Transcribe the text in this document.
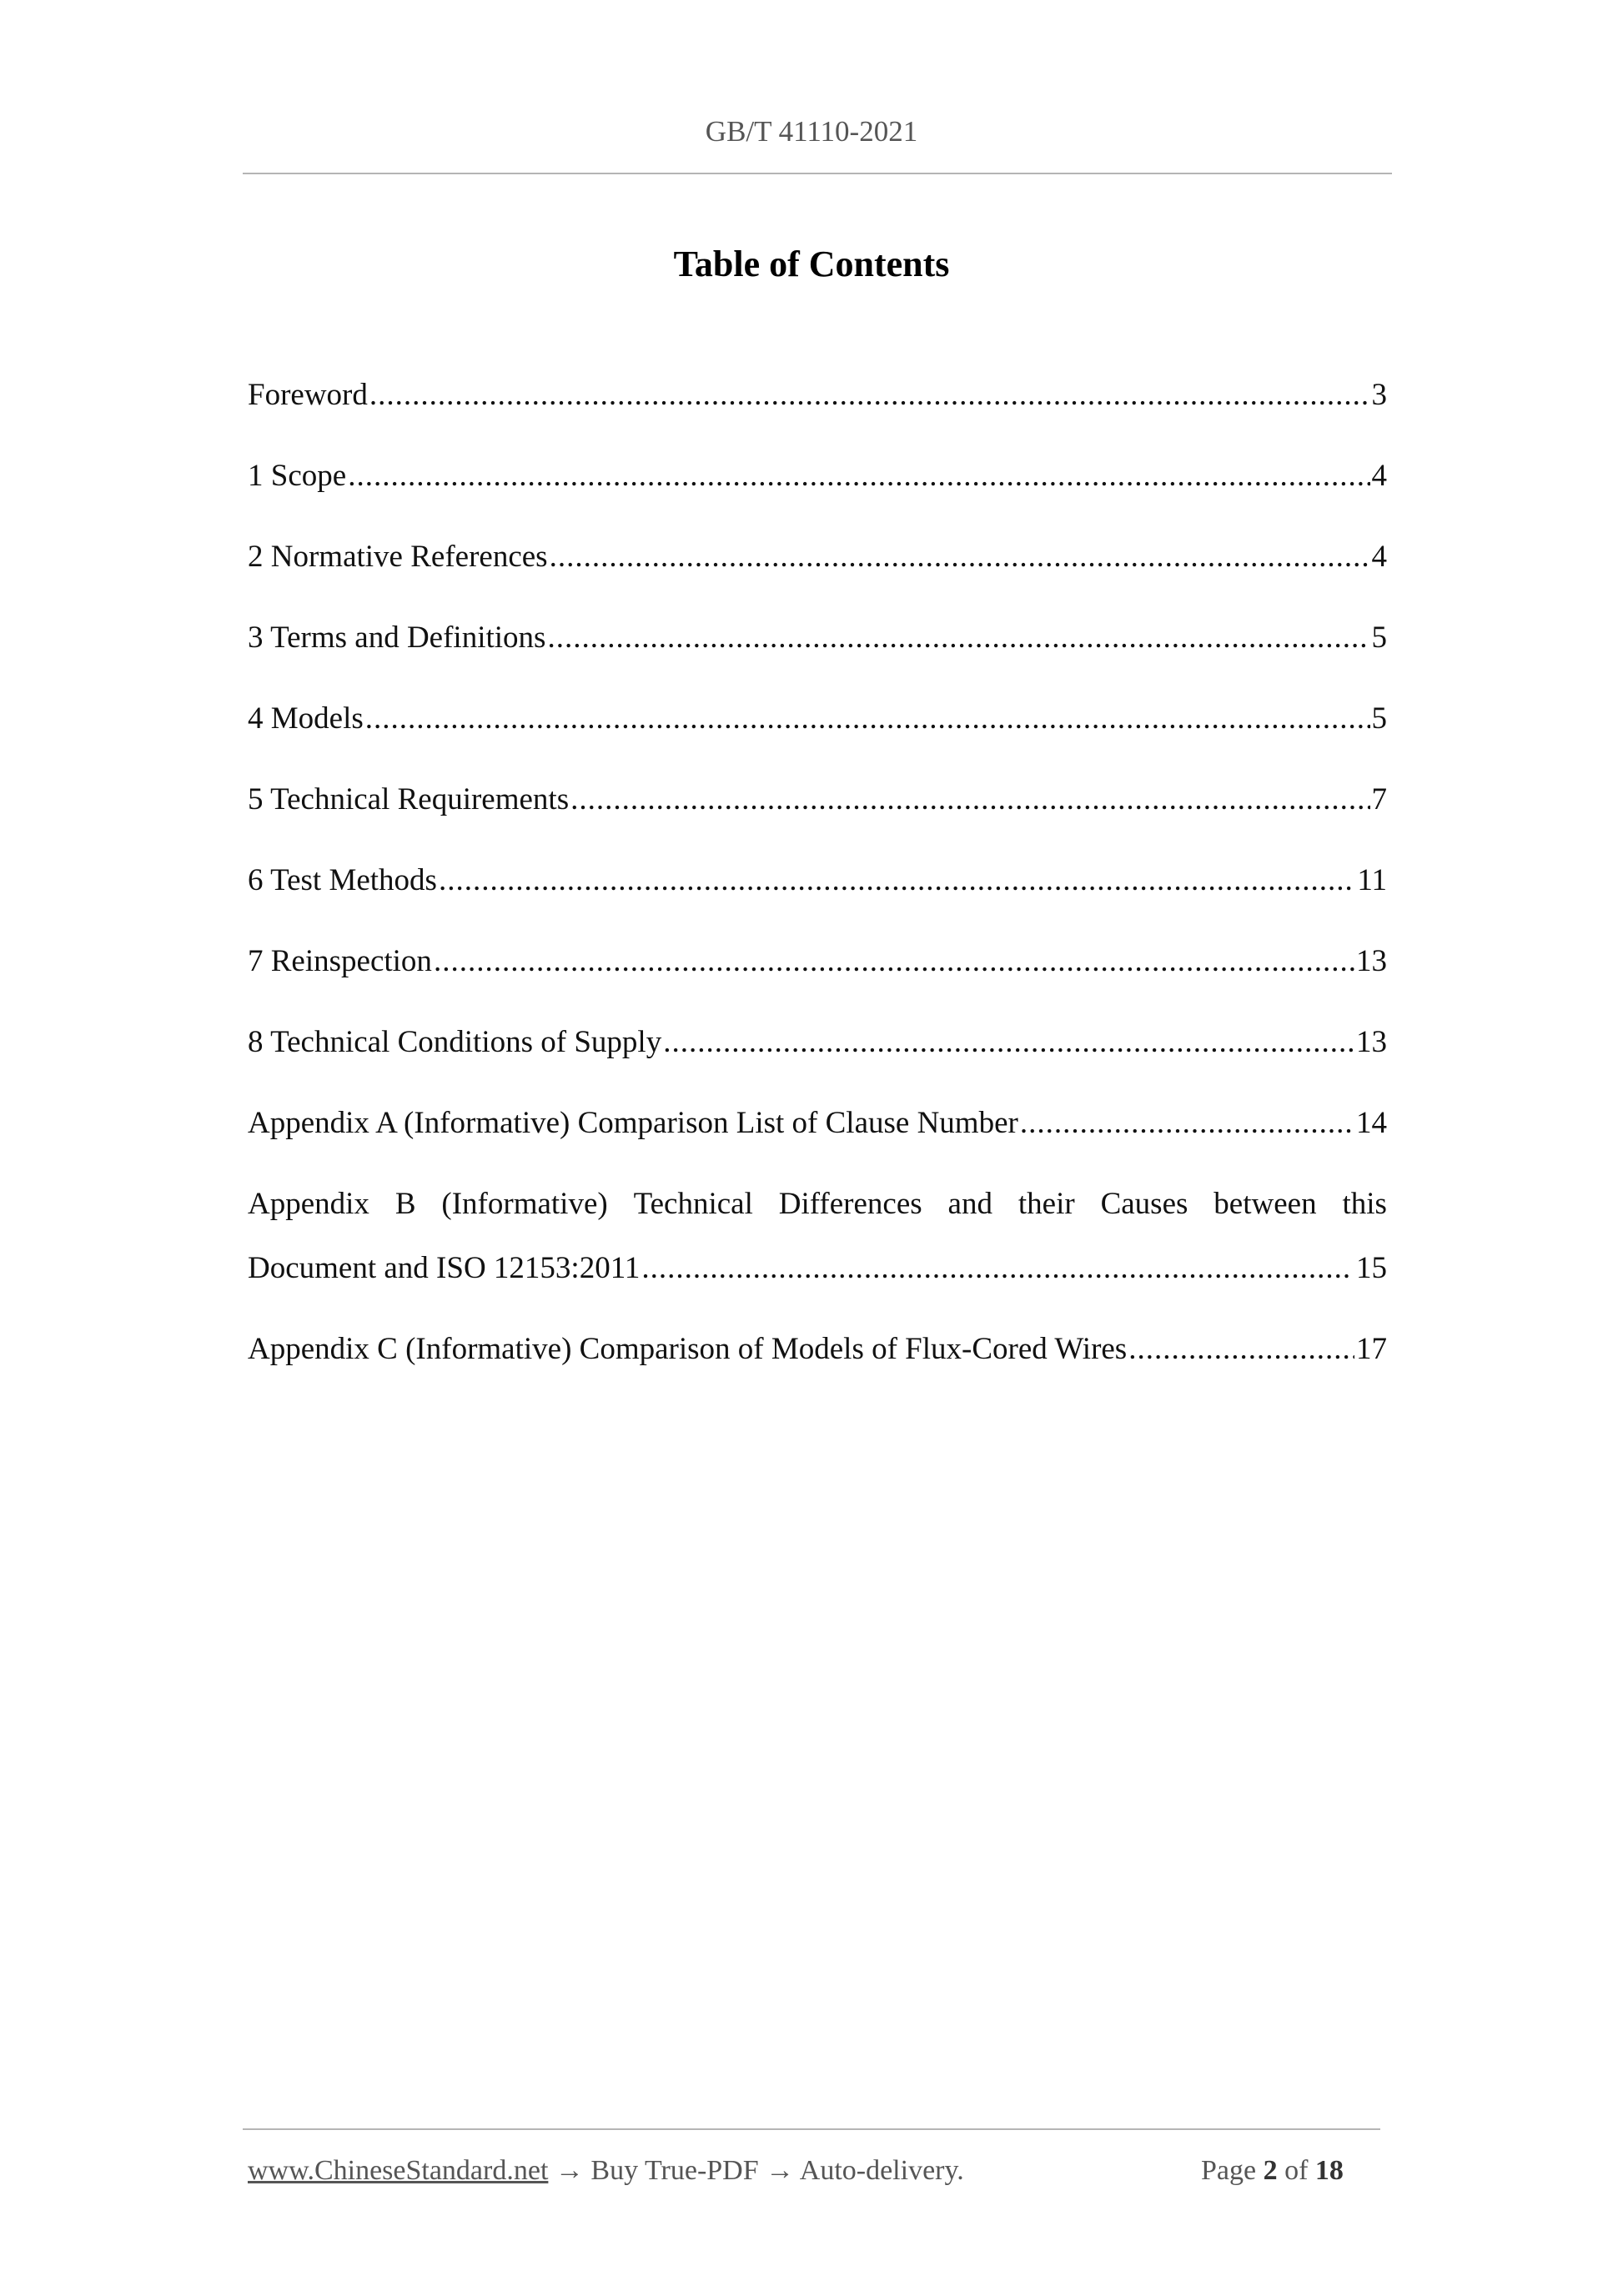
GB/T 41110-2021
Table of Contents
Foreword .....	3
1 Scope .....	4
2 Normative References .....	4
3 Terms and Definitions .....	5
4 Models .....	5
5 Technical Requirements .....	7
6 Test Methods .....	11
7 Reinspection .....	13
8 Technical Conditions of Supply .....	13
Appendix A (Informative) Comparison List of Clause Number .....	14
Appendix B (Informative) Technical Differences and their Causes between this
Document and ISO 12153:2011 .....	15
Appendix C (Informative) Comparison of Models of Flux-Cored Wires .....	17
www.ChineseStandard.net → Buy True-PDF → Auto-delivery.	Page 2 of 18
